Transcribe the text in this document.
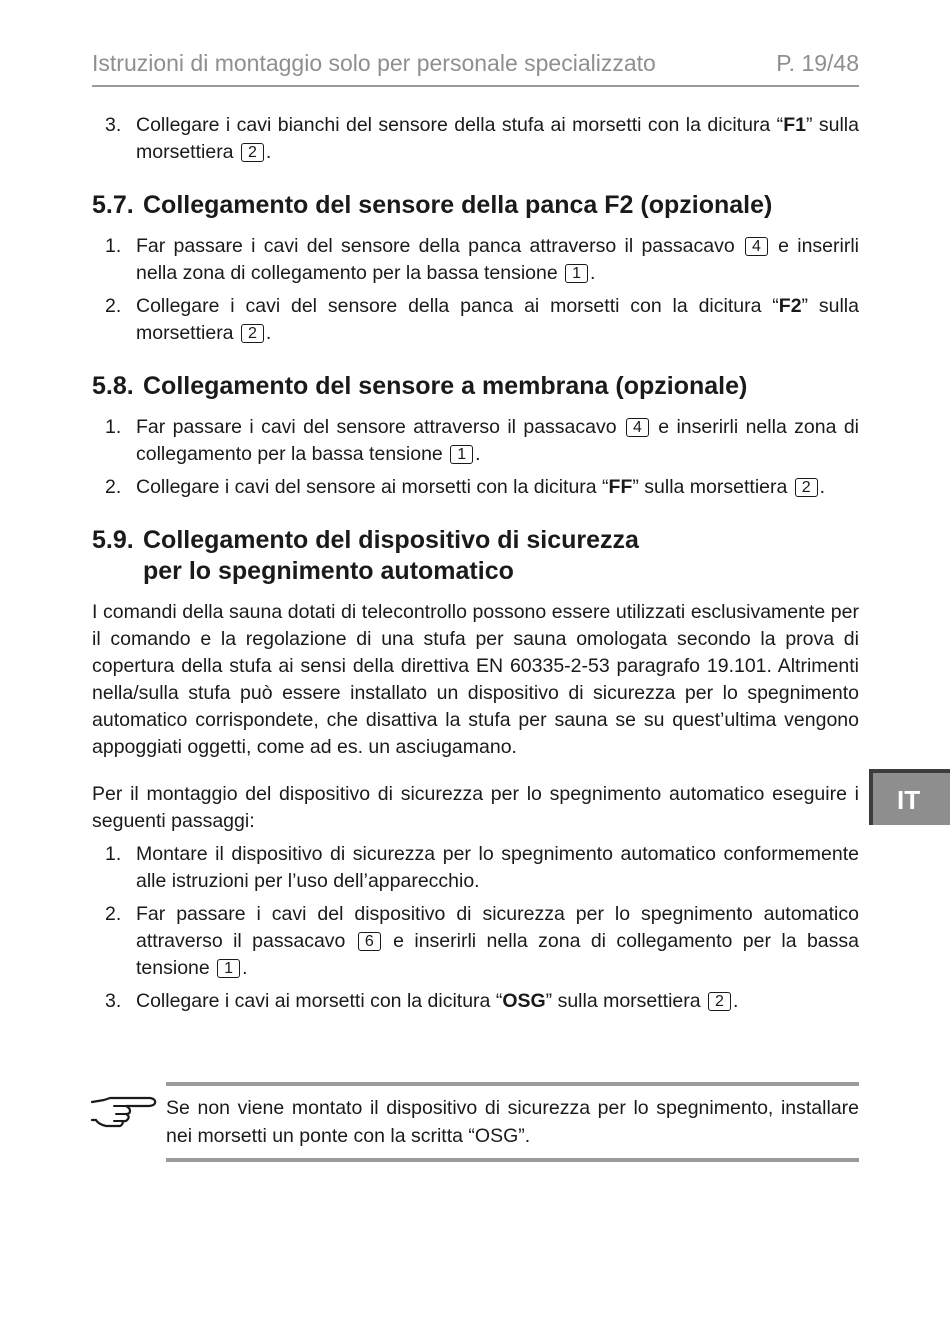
Istruzioni di montaggio solo per personale specializzato	P. 19/48
IT
3. Collegare i cavi bianchi del sensore della stufa ai morsetti con la dicitura “F1” sulla morsettiera 2 .
5.7. Collegamento del sensore della panca F2 (opzionale)
1. Far passare i cavi del sensore della panca attraverso il passacavo 4 e inserirli nella zona di collegamento per la bassa tensione 1 .
2. Collegare i cavi del sensore della panca ai morsetti con la dicitura “F2” sulla morsettiera 2 .
5.8. Collegamento del sensore a membrana (opzionale)
1. Far passare i cavi del sensore attraverso il passacavo 4 e inserirli nella zona di collegamento per la bassa tensione 1 .
2. Collegare i cavi del sensore ai morsetti con la dicitura “FF” sulla morsettiera 2 .
5.9. Collegamento del dispositivo di sicurezza
per lo spegnimento automatico

I comandi della sauna dotati di telecontrollo possono essere utilizzati esclusivamente per il comando e la regolazione di una stufa per sauna omologata secondo la prova di copertura della stufa ai sensi della direttiva EN 60335-2-53 paragrafo 19.101. Altrimenti nella/sulla stufa può essere installato un dispositivo di sicurezza per lo spegnimento automatico corrispondete, che disattiva la stufa per sauna se su quest’ultima vengono appoggiati oggetti, come ad es. un asciugamano.

Per il montaggio del dispositivo di sicurezza per lo spegnimento automatico eseguire i seguenti passaggi:

1. Montare il dispositivo di sicurezza per lo spegnimento automatico conformemente alle istruzioni per l’uso dell’apparecchio.
2. Far passare i cavi del dispositivo di sicurezza per lo spegnimento automatico attraverso il passacavo 6 e inserirli nella zona di collegamento per la bassa tensione 1 .
3. Collegare i cavi ai morsetti con la dicitura “OSG” sulla morsettiera 2 .
Se non viene montato il dispositivo di sicurezza per lo spegnimento, installare nei morsetti un ponte con la scritta “OSG”.
